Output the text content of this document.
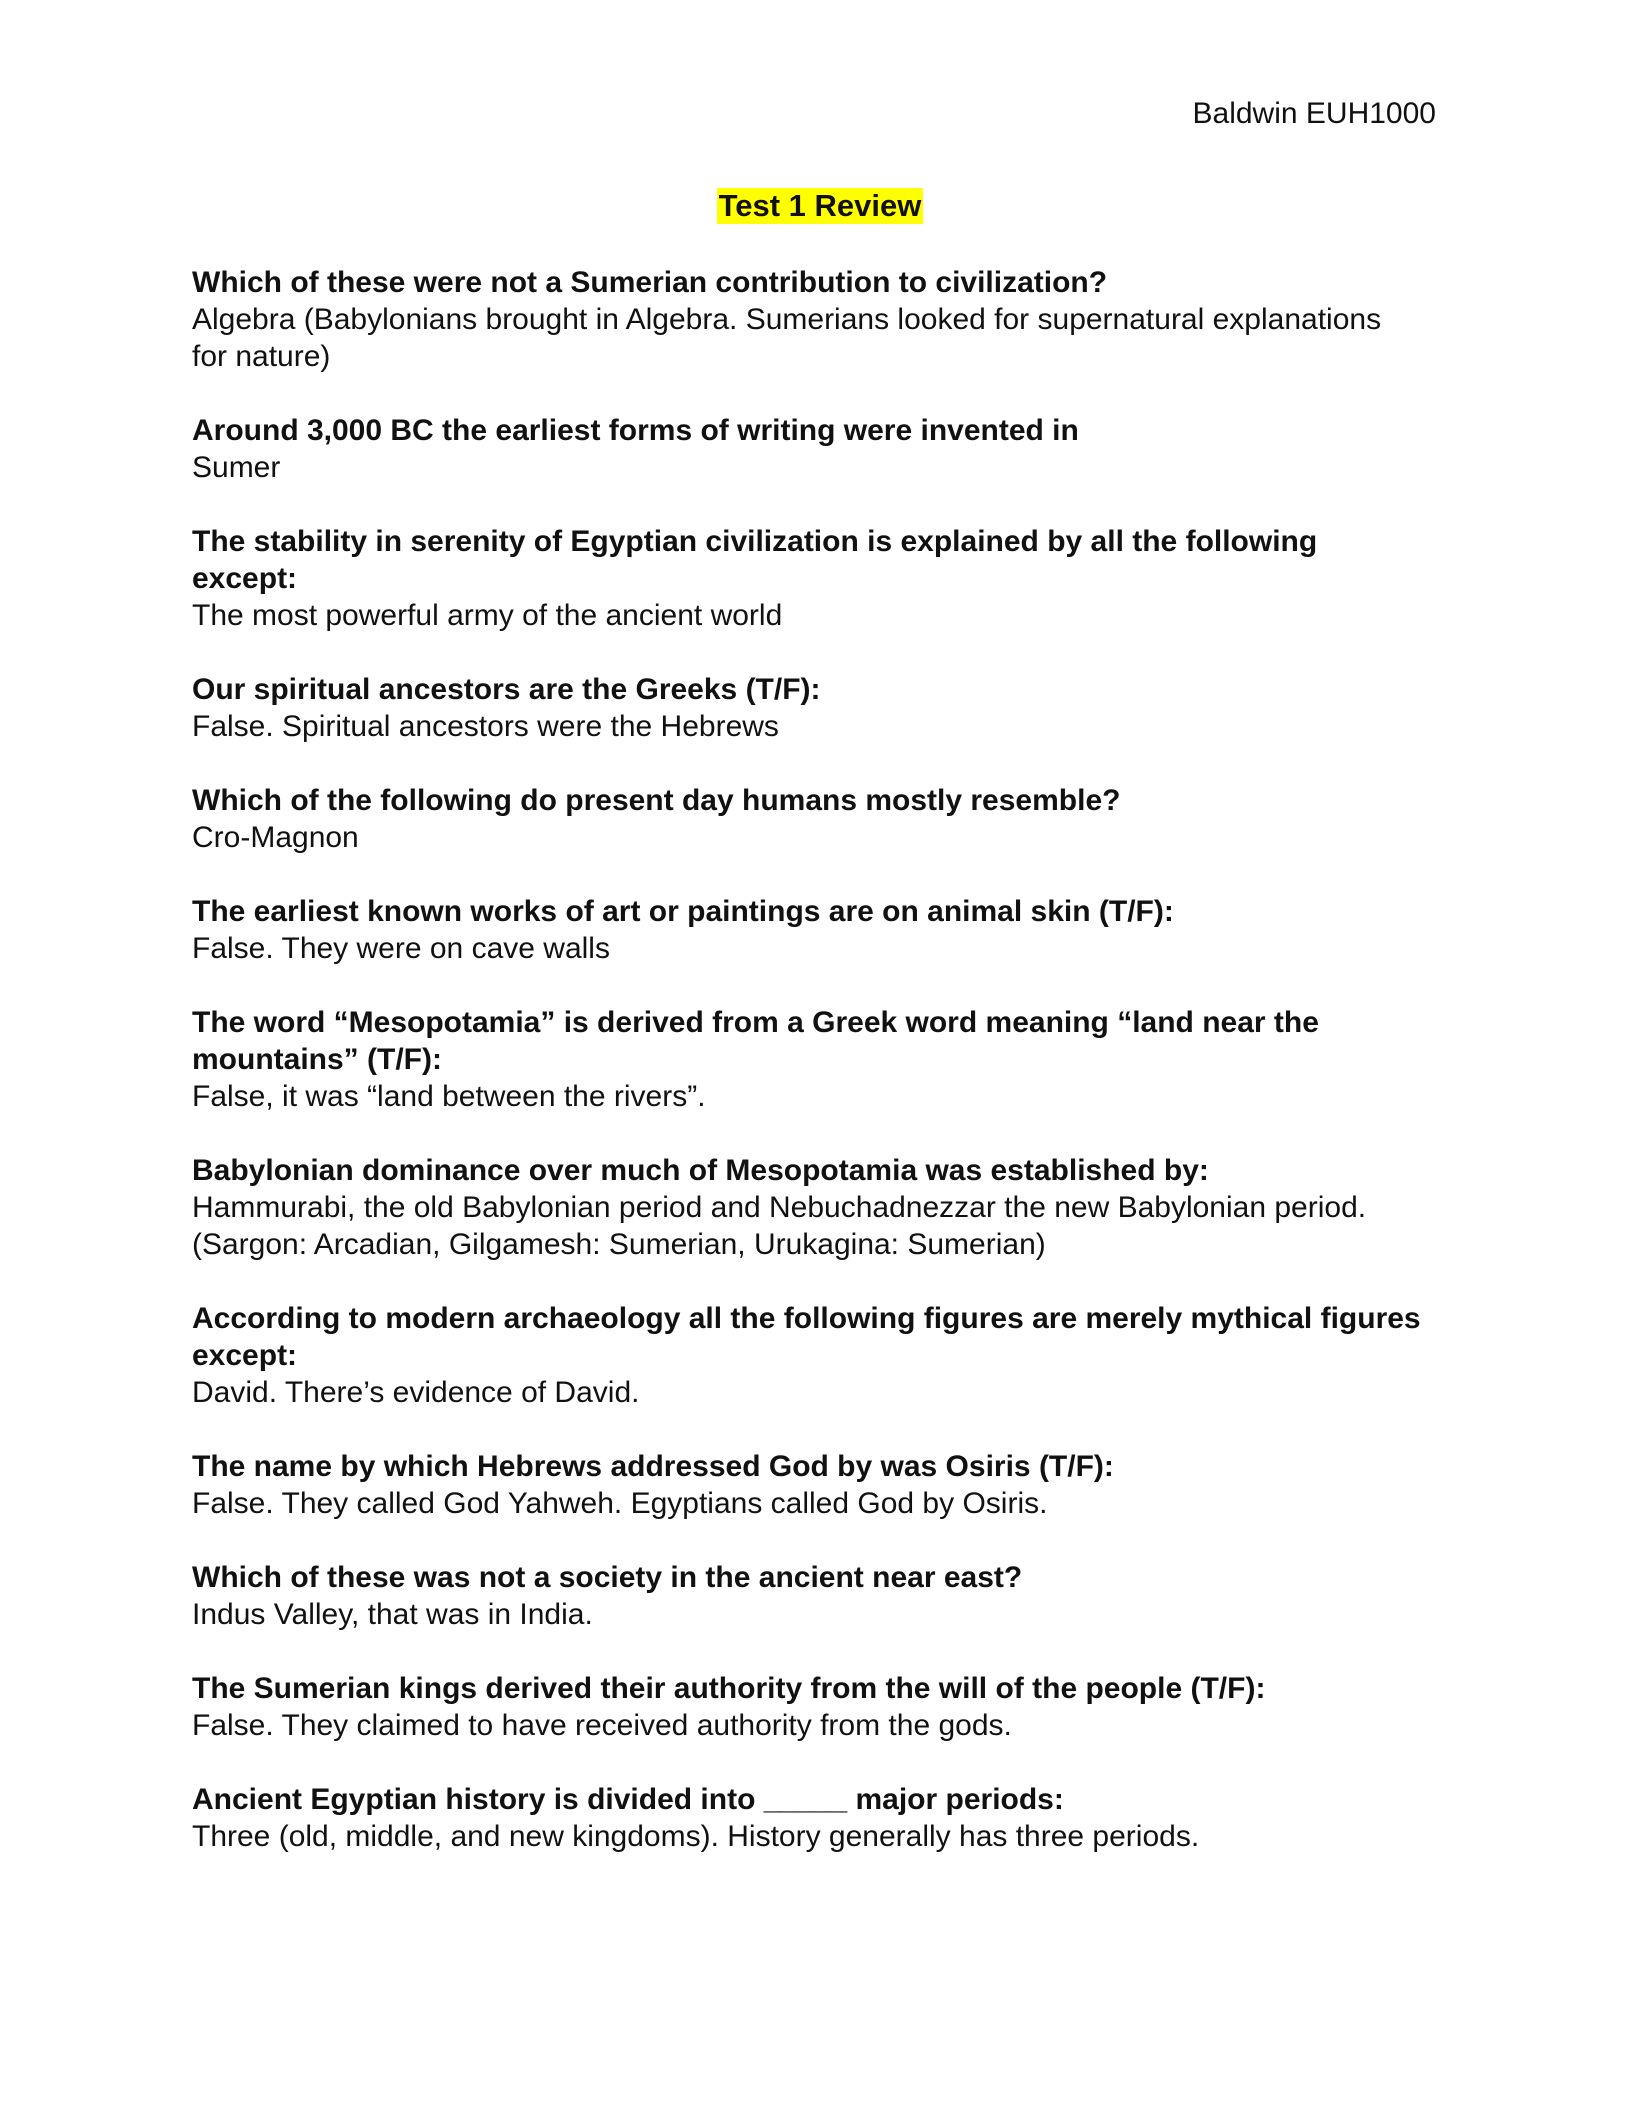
Baldwin EUH1000
Test 1 Review

Which of these were not a Sumerian contribution to civilization?

Algebra (Babylonians brought in Algebra. Sumerians looked for supernatural explanations for nature)

Around 3,000 BC the earliest forms of writing were invented in

Sumer

The stability in serenity of Egyptian civilization is explained by all the following except:

The most powerful army of the ancient world

Our spiritual ancestors are the Greeks (T/F):

False. Spiritual ancestors were the Hebrews

Which of the following do present day humans mostly resemble?

Cro-Magnon

The earliest known works of art or paintings are on animal skin (T/F):

False. They were on cave walls

The word “Mesopotamia” is derived from a Greek word meaning “land near the mountains” (T/F):

False, it was “land between the rivers”.

Babylonian dominance over much of Mesopotamia was established by:

Hammurabi, the old Babylonian period and Nebuchadnezzar the new Babylonian period. (Sargon: Arcadian, Gilgamesh: Sumerian, Urukagina: Sumerian)

According to modern archaeology all the following figures are merely mythical figures except:

David. There’s evidence of David.

The name by which Hebrews addressed God by was Osiris (T/F):

False. They called God Yahweh. Egyptians called God by Osiris.

Which of these was not a society in the ancient near east?

Indus Valley, that was in India.

The Sumerian kings derived their authority from the will of the people (T/F):

False. They claimed to have received authority from the gods.

Ancient Egyptian history is divided into _____ major periods:

Three (old, middle, and new kingdoms). History generally has three periods.
